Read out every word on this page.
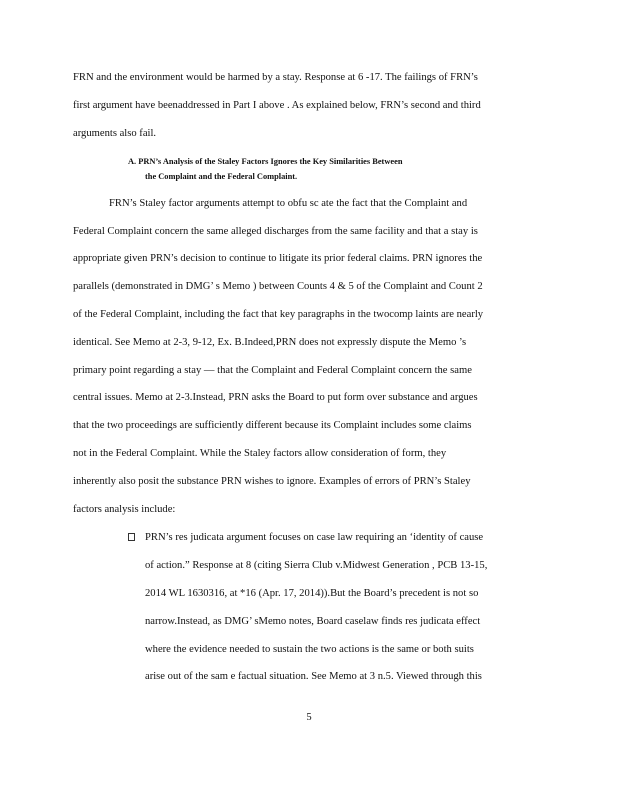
FRN and the environment would be harmed by a stay. Response at 6 -17. The failings of FRN’s
first argument have beenaddressed in Part I above . As explained below, FRN’s second and third
arguments also fail.
A. PRN’s Analysis of the Staley Factors Ignores the Key Similarities Between
the Complaint and the Federal Complaint.
FRN’s Staley factor arguments attempt to obfu sc ate the fact that the Complaint and
Federal Complaint concern the same alleged discharges from the same facility and that a stay is
appropriate given PRN’s decision to continue to litigate its prior federal claims. PRN ignores the
parallels (demonstrated in DMG’ s Memo ) between Counts 4 & 5 of the Complaint and Count 2
of the Federal Complaint, including the fact that key paragraphs in the twocomp laints are nearly
identical. See Memo at 2-3, 9-12, Ex. B.Indeed,PRN does not expressly dispute the Memo ’s
primary point regarding a stay — that the Complaint and Federal Complaint concern the same
central issues. Memo at 2-3.Instead, PRN asks the Board to put form over substance and argues
that the two proceedings are sufficiently different because its Complaint includes some claims
not in the Federal Complaint. While the Staley factors allow consideration of form, they
inherently also posit the substance PRN wishes to ignore. Examples of errors of PRN’s Staley
factors analysis include:
PRN’s res judicata argument focuses on case law requiring an ‘identity of cause
of action.” Response at 8 (citing Sierra Club v.Midwest Generation , PCB 13-15,
2014 WL 1630316, at *16 (Apr. 17, 2014)).But the Board’s precedent is not so
narrow.Instead, as DMG’ sMemo notes, Board caselaw finds res judicata effect
where the evidence needed to sustain the two actions is the same or both suits
arise out of the sam e factual situation. See Memo at 3 n.5. Viewed through this
5
